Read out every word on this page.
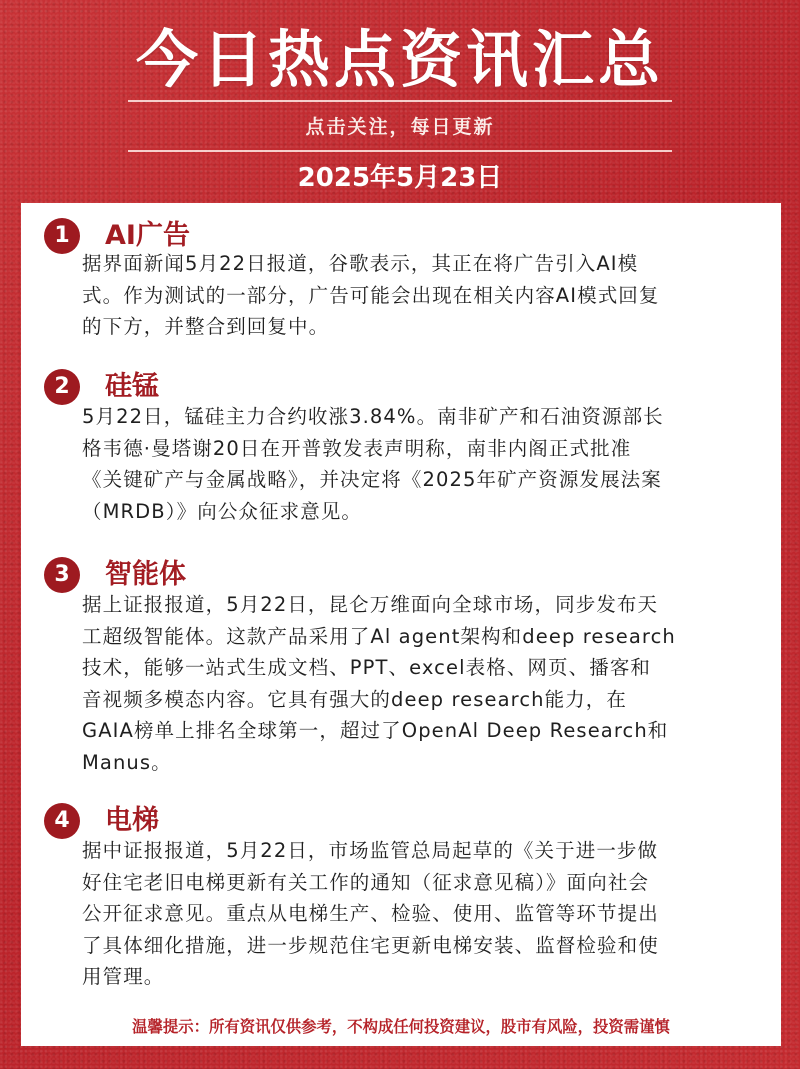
今日热点资讯汇总
点击关注，每日更新
2025年5月23日
1	AI广告
据界面新闻5月22日报道，谷歌表示，其正在将广告引入AI模
式。作为测试的一部分，广告可能会出现在相关内容AI模式回复
的下方，并整合到回复中。
2	硅锰
5月22日，锰硅主力合约收涨3.84%。南非矿产和石油资源部长
格韦德·曼塔谢20日在开普敦发表声明称，南非内阁正式批准
《关键矿产与金属战略》，并决定将《2025年矿产资源发展法案
（MRDB）》向公众征求意见。
3	智能体
据上证报报道，5月22日，昆仑万维面向全球市场，同步发布天
工超级智能体。这款产品采用了Al agent架构和deep research
技术，能够一站式生成文档、PPT、excel表格、网页、播客和
音视频多模态内容。它具有强大的deep research能力，在
GAIA榜单上排名全球第一，超过了OpenAl Deep Research和
Manus。
4	电梯
据中证报报道，5月22日，市场监管总局起草的《关于进一步做
好住宅老旧电梯更新有关工作的通知（征求意见稿）》面向社会
公开征求意见。重点从电梯生产、检验、使用、监管等环节提出
了具体细化措施，进一步规范住宅更新电梯安装、监督检验和使
用管理。
温馨提示：所有资讯仅供参考，不构成任何投资建议，股市有风险，投资需谨慎
